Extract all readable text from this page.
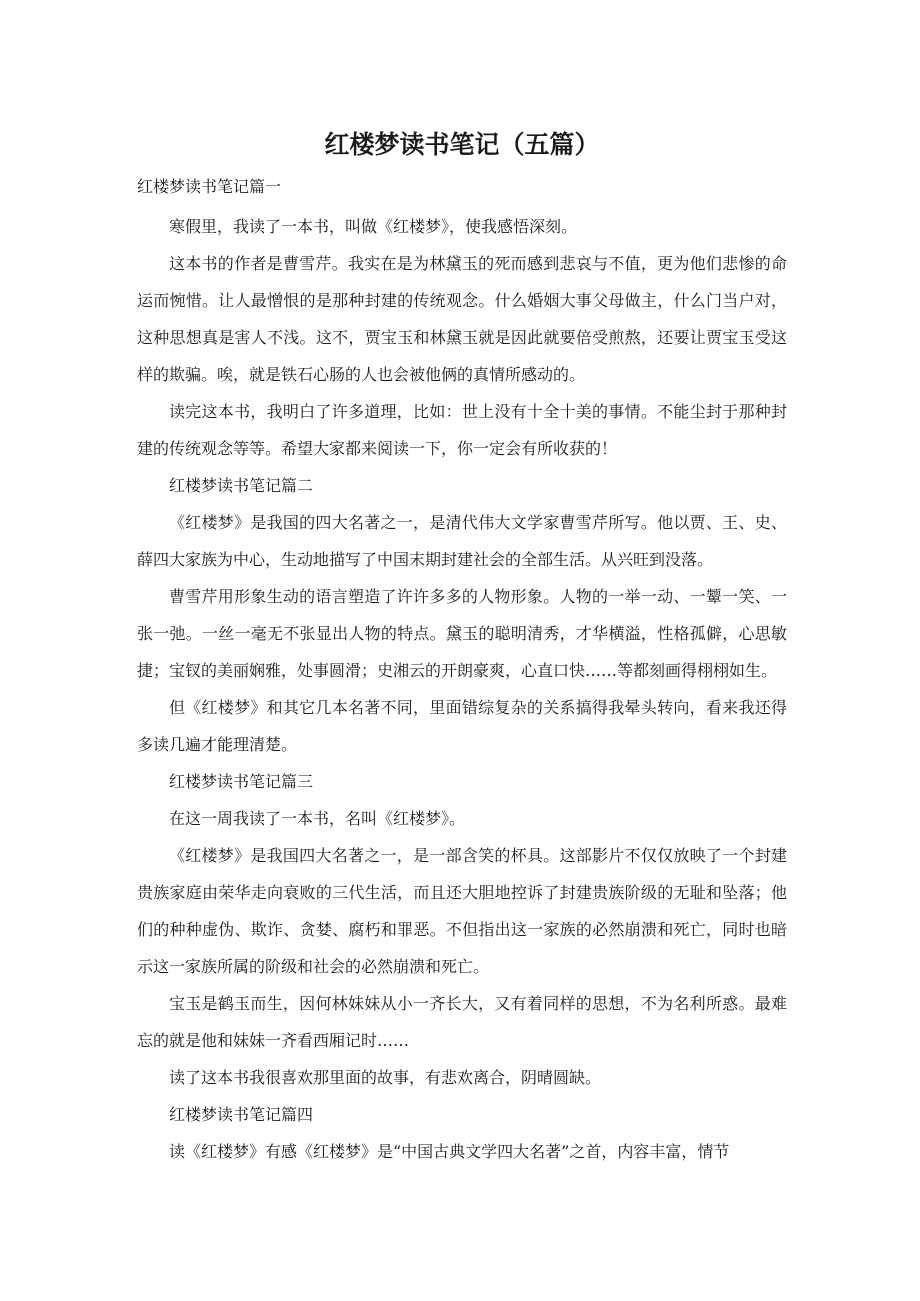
红楼梦读书笔记（五篇）

红楼梦读书笔记篇一

寒假里，我读了一本书，叫做《红楼梦》，使我感悟深刻。

这本书的作者是曹雪芹。我实在是为林黛玉的死而感到悲哀与不值，更为他们悲惨的命运而惋惜。让人最憎恨的是那种封建的传统观念。什么婚姻大事父母做主，什么门当户对，这种思想真是害人不浅。这不，贾宝玉和林黛玉就是因此就要倍受煎熬，还要让贾宝玉受这样的欺骗。唉，就是铁石心肠的人也会被他俩的真情所感动的。

读完这本书，我明白了许多道理，比如：世上没有十全十美的事情。不能尘封于那种封建的传统观念等等。希望大家都来阅读一下，你一定会有所收获的！

红楼梦读书笔记篇二

《红楼梦》是我国的四大名著之一，是清代伟大文学家曹雪芹所写。他以贾、王、史、薛四大家族为中心，生动地描写了中国末期封建社会的全部生活。从兴旺到没落。

曹雪芹用形象生动的语言塑造了许许多多的人物形象。人物的一举一动、一颦一笑、一张一弛。一丝一毫无不张显出人物的特点。黛玉的聪明清秀，才华横溢，性格孤僻，心思敏捷；宝钗的美丽娴雅，处事圆滑；史湘云的开朗豪爽，心直口快……等都刻画得栩栩如生。

但《红楼梦》和其它几本名著不同，里面错综复杂的关系搞得我晕头转向，看来我还得多读几遍才能理清楚。

红楼梦读书笔记篇三

在这一周我读了一本书，名叫《红楼梦》。

《红楼梦》是我国四大名著之一，是一部含笑的杯具。这部影片不仅仅放映了一个封建贵族家庭由荣华走向衰败的三代生活，而且还大胆地控诉了封建贵族阶级的无耻和坠落；他们的种种虚伪、欺诈、贪婪、腐朽和罪恶。不但指出这一家族的必然崩溃和死亡，同时也暗示这一家族所属的阶级和社会的必然崩溃和死亡。

宝玉是鹤玉而生，因何林妹妹从小一齐长大，又有着同样的思想，不为名利所惑。最难忘的就是他和妹妹一齐看西厢记时……

读了这本书我很喜欢那里面的故事，有悲欢离合，阴晴圆缺。

红楼梦读书笔记篇四

读《红楼梦》有感《红楼梦》是“中国古典文学四大名著”之首，内容丰富，情节
